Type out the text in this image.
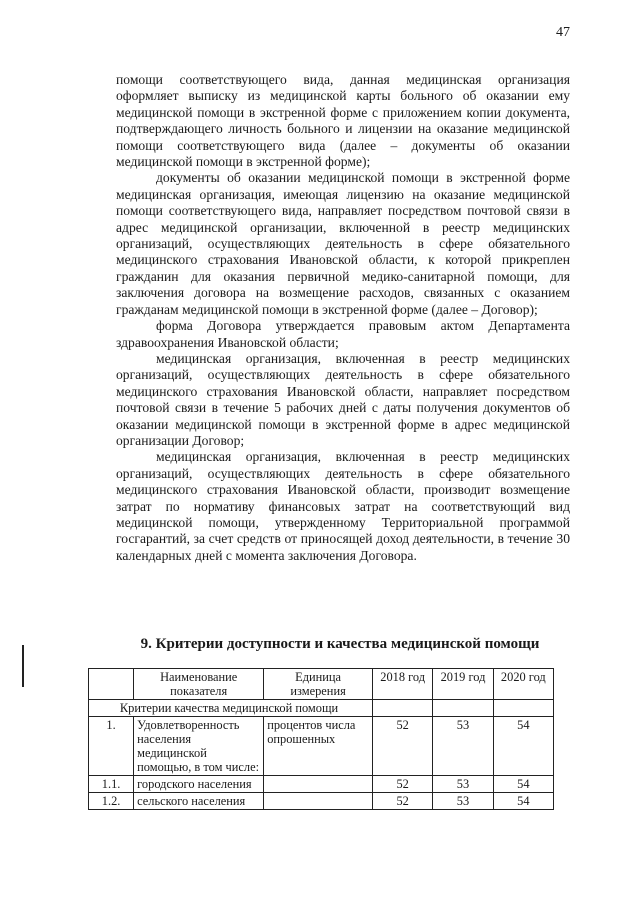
47

помощи соответствующего вида, данная медицинская организация оформляет выписку из медицинской карты больного об оказании ему медицинской помощи в экстренной форме с приложением копии документа, подтверждающего личность больного и лицензии на оказание медицинской помощи соответствующего вида (далее – документы об оказании медицинской помощи в экстренной форме);

документы об оказании медицинской помощи в экстренной форме медицинская организация, имеющая лицензию на оказание медицинской помощи соответствующего вида, направляет посредством почтовой связи в адрес медицинской организации, включенной в реестр медицинских организаций, осуществляющих деятельность в сфере обязательного медицинского страхования Ивановской области, к которой прикреплен гражданин для оказания первичной медико-санитарной помощи, для заключения договора на возмещение расходов, связанных с оказанием гражданам медицинской помощи в экстренной форме (далее – Договор);

форма Договора утверждается правовым актом Департамента здравоохранения Ивановской области;

медицинская организация, включенная в реестр медицинских организаций, осуществляющих деятельность в сфере обязательного медицинского страхования Ивановской области, направляет посредством почтовой связи в течение 5 рабочих дней с даты получения документов об оказании медицинской помощи в экстренной форме в адрес медицинской организации Договор;

медицинская организация, включенная в реестр медицинских организаций, осуществляющих деятельность в сфере обязательного медицинского страхования Ивановской области, производит возмещение затрат по нормативу финансовых затрат на соответствующий вид медицинской помощи, утвержденному Территориальной программой госгарантий, за счет средств от приносящей доход деятельности, в течение 30 календарных дней с момента заключения Договора.

9. Критерии доступности и качества медицинской помощи
	Наименование показателя	Единица измерения	2018 год	2019 год	2020 год
Критерии качества медицинской помощи					
1.	Удовлетворенность населения медицинской помощью, в том числе:	процентов числа опрошенных	52	53	54
1.1.	городского населения		52	53	54
1.2.	сельского населения		52	53	54
